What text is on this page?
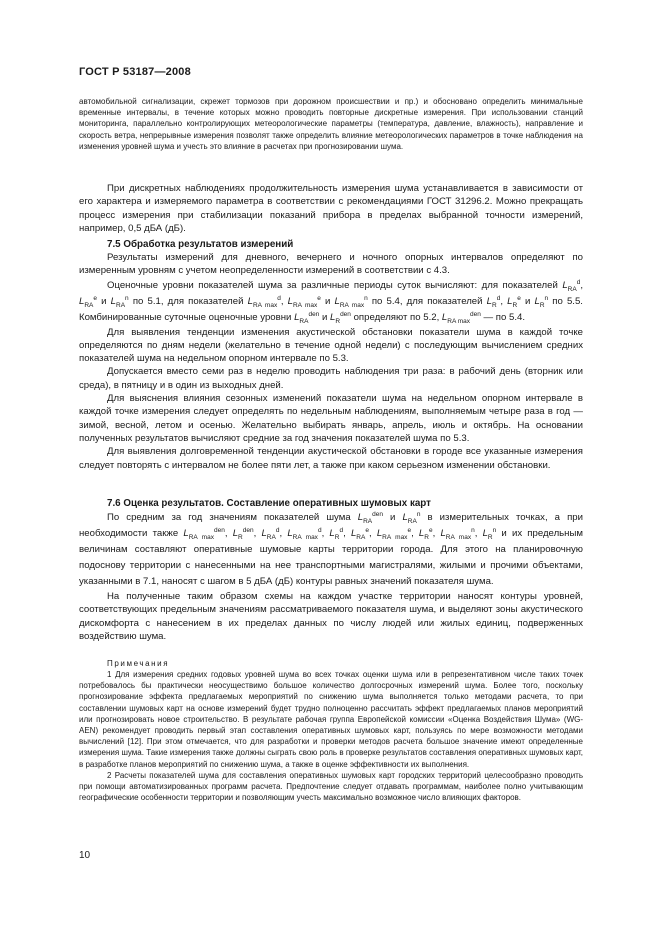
ГОСТ Р 53187—2008

автомобильной сигнализации, скрежет тормозов при дорожном происшествии и пр.) и обосновано определить минимальные временные интервалы, в течение которых можно проводить повторные дискретные измерения. При использовании станций мониторинга, параллельно контролирующих метеорологические параметры (температура, давление, влажность), направление и скорость ветра, непрерывные измерения позволят также определить влияние метеорологических параметров в точке наблюдения на изменения уровней шума и учесть это влияние в расчетах при прогнозировании шума.

При дискретных наблюдениях продолжительность измерения шума устанавливается в зависимости от его характера и измеряемого параметра в соответствии с рекомендациями ГОСТ 31296.2. Можно прекращать процесс измерения при стабилизации показаний прибора в пределах выбранной точности измерений, например, 0,5 дБА (дБ).

7.5 Обработка результатов измерений

Результаты измерений для дневного, вечернего и ночного опорных интервалов определяют по измеренным уровням с учетом неопределенности измерений в соответствии с 4.3.

Оценочные уровни показателей шума за различные периоды суток вычисляют: для показателей $L_{RA}^d$, $L_{RA}^e$ и $L_{RA}^n$ по 5.1, для показателей $L_{RA max}^d$, $L_{RA max}^e$ и $L_{RA max}^n$ по 5.4, для показателей $L_R^d$, $L_R^e$ и $L_R^n$ по 5.5. Комбинированные суточные оценочные уровни $L_{RA}^{den}$ и $L_R^{den}$ определяют по 5.2, $L_{RA max}^{den}$ — по 5.4.

Для выявления тенденции изменения акустической обстановки показатели шума в каждой точке определяются по дням недели (желательно в течение одной недели) с последующим вычислением средних показателей шума на недельном опорном интервале по 5.3.

Допускается вместо семи раз в неделю проводить наблюдения три раза: в рабочий день (вторник или среда), в пятницу и в один из выходных дней.

Для выяснения влияния сезонных изменений показатели шума на недельном опорном интервале в каждой точке измерения следует определять по недельным наблюдениям, выполняемым четыре раза в год — зимой, весной, летом и осенью. Желательно выбирать январь, апрель, июль и октябрь. На основании полученных результатов вычисляют средние за год значения показателей шума по 5.3.

Для выявления долговременной тенденции акустической обстановки в городе все указанные измерения следует повторять с интервалом не более пяти лет, а также при каком серьезном изменении обстановки.

7.6 Оценка результатов. Составление оперативных шумовых карт

По средним за год значениям показателей шума $L_{RA}^{den}$ и $L_{RA}^n$ в измерительных точках, а при необходимости также $L_{RA max}^{den}$, $L_R^{den}$, $L_{RA}^d$, $L_{RA max}^d$, $L_R^d$, $L_{RA}^e$, $L_{RA max}^e$, $L_R^e$, $L_{RA max}^n$, $L_R^n$ и их предельным величинам составляют оперативные шумовые карты территории города. Для этого на планировочную подоснову территории с нанесенными на нее транспортными магистралями, жилыми и прочими объектами, указанными в 7.1, наносят с шагом в 5 дБА (дБ) контуры равных значений показателя шума.

На полученные таким образом схемы на каждом участке территории наносят контуры уровней, соответствующих предельным значениям рассматриваемого показателя шума, и выделяют зоны акустического дискомфорта с нанесением в их пределах данных по числу людей или жилых единиц, подверженных воздействию шума.

Примечания

1 Для измерения средних годовых уровней шума во всех точках оценки шума или в репрезентативном числе таких точек потребовалось бы практически неосуществимо большое количество долгосрочных измерений шума. Более того, поскольку прогнозирование эффекта предлагаемых мероприятий по снижению шума выполняется только методами расчета, то при составлении шумовых карт на основе измерений будет трудно полноценно рассчитать эффект предлагаемых планов мероприятий или прогнозировать новое строительство. В результате рабочая группа Европейской комиссии «Оценка Воздействия Шума» (WG-AEN) рекомендует проводить первый этап составления оперативных шумовых карт, пользуясь по мере возможности методами вычислений [12]. При этом отмечается, что для разработки и проверки методов расчета большое значение имеют определенные измерения шума. Такие измерения также должны сыграть свою роль в проверке результатов составления оперативных шумовых карт, в разработке планов мероприятий по снижению шума, а также в оценке эффективности их выполнения.

2 Расчеты показателей шума для составления оперативных шумовых карт городских территорий целесообразно проводить при помощи автоматизированных программ расчета. Предпочтение следует отдавать программам, наиболее полно учитывающим географические особенности территории и позволяющим учесть максимально возможное число влияющих факторов.

10
